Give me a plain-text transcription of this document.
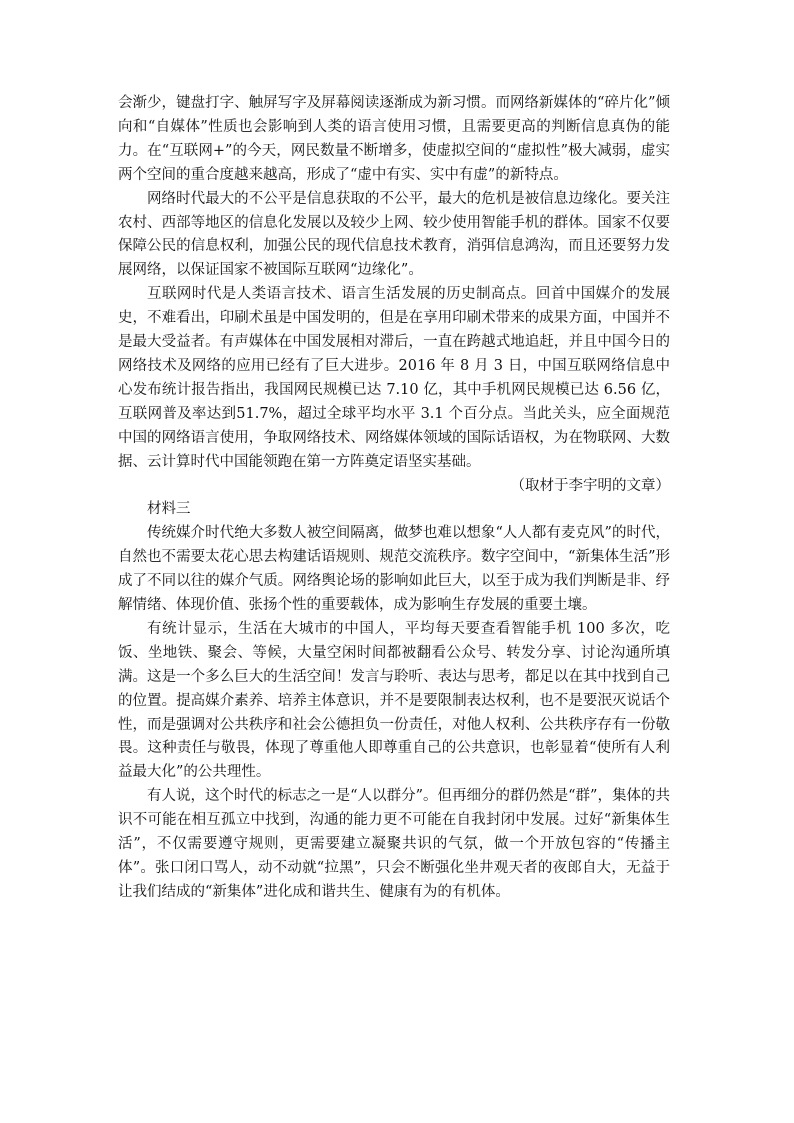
会渐少，键盘打字、触屏写字及屏幕阅读逐渐成为新习惯。而网络新媒体的“碎片化”倾向和“自媒体”性质也会影响到人类的语言使用习惯，且需要更高的判断信息真伪的能力。在“互联网+”的今天，网民数量不断增多，使虚拟空间的“虚拟性”极大减弱，虚实两个空间的重合度越来越高，形成了“虚中有实、实中有虚”的新特点。

网络时代最大的不公平是信息获取的不公平，最大的危机是被信息边缘化。要关注农村、西部等地区的信息化发展以及较少上网、较少使用智能手机的群体。国家不仅要保障公民的信息权利，加强公民的现代信息技术教育，消弭信息鸿沟，而且还要努力发展网络，以保证国家不被国际互联网“边缘化”。

互联网时代是人类语言技术、语言生活发展的历史制高点。回首中国媒介的发展史，不难看出，印刷术虽是中国发明的，但是在享用印刷术带来的成果方面，中国并不是最大受益者。有声媒体在中国发展相对滞后，一直在跨越式地追赶，并且中国今日的网络技术及网络的应用已经有了巨大进步。2016 年 8 月 3 日，中国互联网络信息中心发布统计报告指出，我国网民规模已达 7.10 亿，其中手机网民规模已达 6.56 亿，互联网普及率达到51.7%，超过全球平均水平 3.1 个百分点。当此关头，应全面规范中国的网络语言使用，争取网络技术、网络媒体领域的国际话语权，为在物联网、大数据、云计算时代中国能领跑在第一方阵奠定语坚实基础。

（取材于李宇明的文章）

材料三

传统媒介时代绝大多数人被空间隔离，做梦也难以想象“人人都有麦克风”的时代，自然也不需要太花心思去构建话语规则、规范交流秩序。数字空间中，“新集体生活”形成了不同以往的媒介气质。网络舆论场的影响如此巨大，以至于成为我们判断是非、纾解情绪、体现价值、张扬个性的重要载体，成为影响生存发展的重要土壤。

有统计显示，生活在大城市的中国人，平均每天要查看智能手机 100 多次，吃饭、坐地铁、聚会、等候，大量空闲时间都被翻看公众号、转发分享、讨论沟通所填满。这是一个多么巨大的生活空间！发言与聆听、表达与思考，都足以在其中找到自己的位置。提高媒介素养、培养主体意识，并不是要限制表达权利，也不是要泯灭说话个性，而是强调对公共秩序和社会公德担负一份责任，对他人权利、公共秩序存有一份敬畏。这种责任与敬畏，体现了尊重他人即尊重自己的公共意识，也彰显着“使所有人利益最大化”的公共理性。

有人说，这个时代的标志之一是“人以群分”。但再细分的群仍然是“群”，集体的共识不可能在相互孤立中找到，沟通的能力更不可能在自我封闭中发展。过好“新集体生活”，不仅需要遵守规则，更需要建立凝聚共识的气氛，做一个开放包容的“传播主体”。张口闭口骂人，动不动就“拉黑”，只会不断强化坐井观天者的夜郎自大，无益于让我们结成的“新集体”进化成和谐共生、健康有为的有机体。
